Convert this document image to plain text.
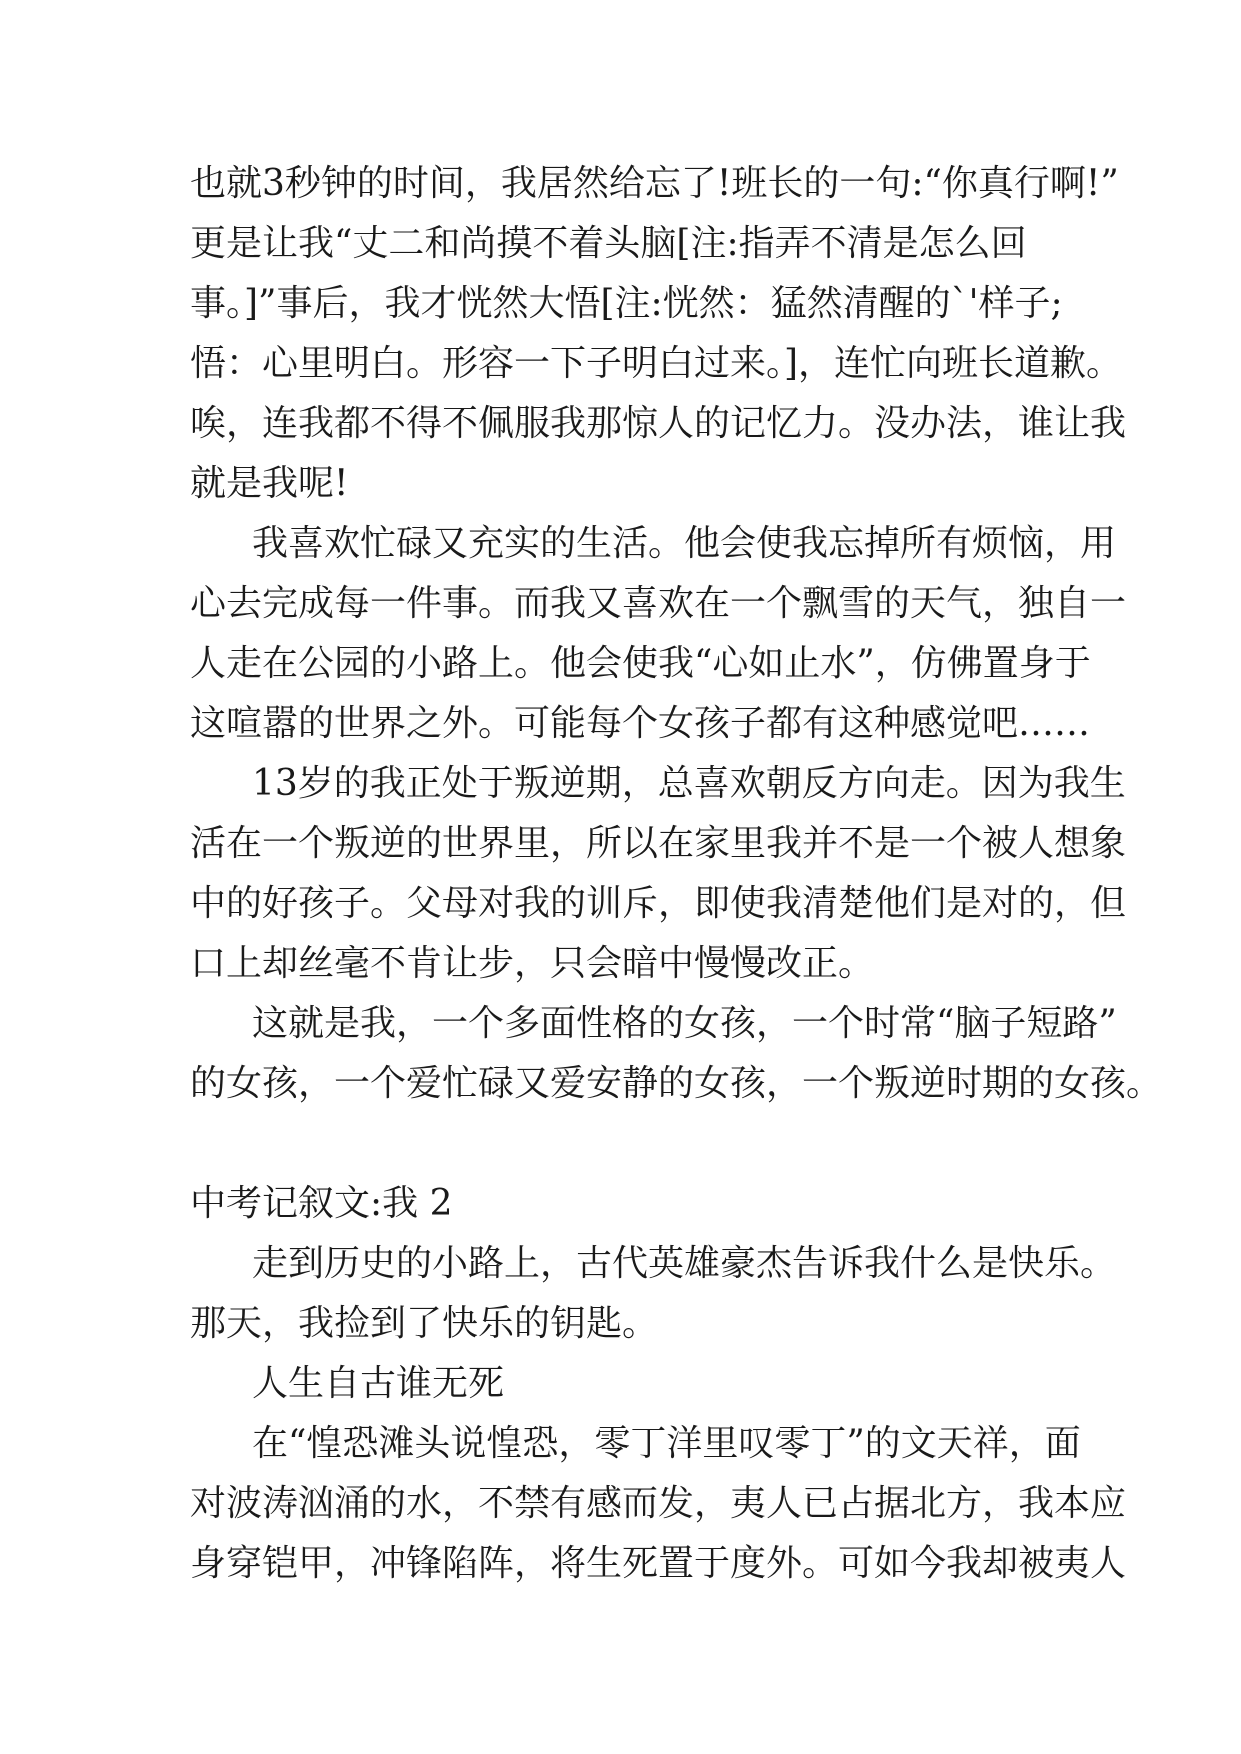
也就3秒钟的时间，我居然给忘了!班长的一句:“你真行啊!”
更是让我“丈二和尚摸不着头脑[注:指弄不清是怎么回
事。]”事后，我才恍然大悟[注:恍然：猛然清醒的`'样子;
悟：心里明白。形容一下子明白过来。]，连忙向班长道歉。
唉，连我都不得不佩服我那惊人的记忆力。没办法，谁让我
就是我呢!
我喜欢忙碌又充实的生活。他会使我忘掉所有烦恼，用
心去完成每一件事。而我又喜欢在一个飘雪的天气，独自一
人走在公园的小路上。他会使我“心如止水”，仿佛置身于
这喧嚣的世界之外。可能每个女孩子都有这种感觉吧……
13岁的我正处于叛逆期，总喜欢朝反方向走。因为我生
活在一个叛逆的世界里，所以在家里我并不是一个被人想象
中的好孩子。父母对我的训斥，即使我清楚他们是对的，但
口上却丝毫不肯让步，只会暗中慢慢改正。
这就是我，一个多面性格的女孩，一个时常“脑子短路”
的女孩，一个爱忙碌又爱安静的女孩，一个叛逆时期的女孩。
中考记叙文:我 2
走到历史的小路上，古代英雄豪杰告诉我什么是快乐。
那天，我捡到了快乐的钥匙。
人生自古谁无死
在“惶恐滩头说惶恐，零丁洋里叹零丁”的文天祥，面
对波涛汹涌的水，不禁有感而发，夷人已占据北方，我本应
身穿铠甲，冲锋陷阵，将生死置于度外。可如今我却被夷人
